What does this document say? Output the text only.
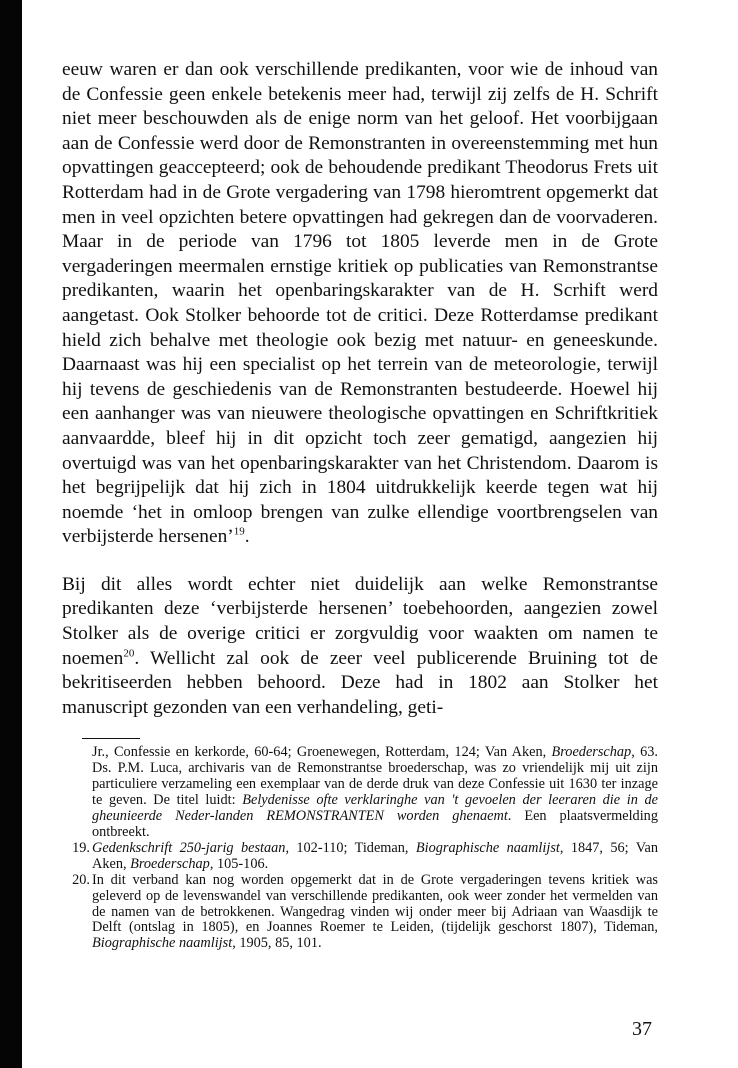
eeuw waren er dan ook verschillende predikanten, voor wie de inhoud van de Confessie geen enkele betekenis meer had, terwijl zij zelfs de H. Schrift niet meer beschouwden als de enige norm van het geloof. Het voorbijgaan aan de Confessie werd door de Remonstranten in overeenstemming met hun opvattingen geaccepteerd; ook de behoudende predikant Theodorus Frets uit Rotterdam had in de Grote vergadering van 1798 hieromtrent opgemerkt dat men in veel opzichten betere opvattingen had gekregen dan de voorvaderen. Maar in de periode van 1796 tot 1805 leverde men in de Grote vergaderingen meermalen ernstige kritiek op publicaties van Remonstrantse predikanten, waarin het openbaringskarakter van de H. Scrhift werd aangetast. Ook Stolker behoorde tot de critici. Deze Rotterdamse predikant hield zich behalve met theologie ook bezig met natuur- en geneeskunde. Daarnaast was hij een specialist op het terrein van de meteorologie, terwijl hij tevens de geschiedenis van de Remonstranten bestudeerde. Hoewel hij een aanhanger was van nieuwere theologische opvattingen en Schriftkritiek aanvaardde, bleef hij in dit opzicht toch zeer gematigd, aangezien hij overtuigd was van het openbaringskarakter van het Christendom. Daarom is het begrijpelijk dat hij zich in 1804 uitdrukkelijk keerde tegen wat hij noemde ‘het in omloop brengen van zulke ellendige voortbrengselen van verbijsterde hersenen’$^{19}$.

Bij dit alles wordt echter niet duidelijk aan welke Remonstrantse predikanten deze ‘verbijsterde hersenen’ toebehoorden, aangezien zowel Stolker als de overige critici er zorgvuldig voor waakten om namen te noemen$^{20}$. Wellicht zal ook de zeer veel publicerende Bruining tot de bekritiseerden hebben behoord. Deze had in 1802 aan Stolker het manuscript gezonden van een verhandeling, geti-

Jr., Confessie en kerkorde, 60-64; Groenewegen, Rotterdam, 124; Van Aken, Broederschap, 63. Ds. P.M. Luca, archivaris van de Remonstrantse broederschap, was zo vriendelijk mij uit zijn particuliere verzameling een exemplaar van de derde druk van deze Confessie uit 1630 ter inzage te geven. De titel luidt: Belydenisse ofte verklaringhe van 't gevoelen der leeraren die in de gheunieerde Neder-landen REMONSTRANTEN worden ghenaemt. Een plaatsvermelding ontbreekt.

19. Gedenkschrift 250-jarig bestaan, 102-110; Tideman, Biographische naamlijst, 1847, 56; Van Aken, Broederschap, 105-106.

20. In dit verband kan nog worden opgemerkt dat in de Grote vergaderingen tevens kritiek was geleverd op de levenswandel van verschillende predikanten, ook weer zonder het vermelden van de namen van de betrokkenen. Wangedrag vinden wij onder meer bij Adriaan van Waasdijk te Delft (ontslag in 1805), en Joannes Roemer te Leiden, (tijdelijk geschorst 1807), Tideman, Biographische naamlijst, 1905, 85, 101.

37
